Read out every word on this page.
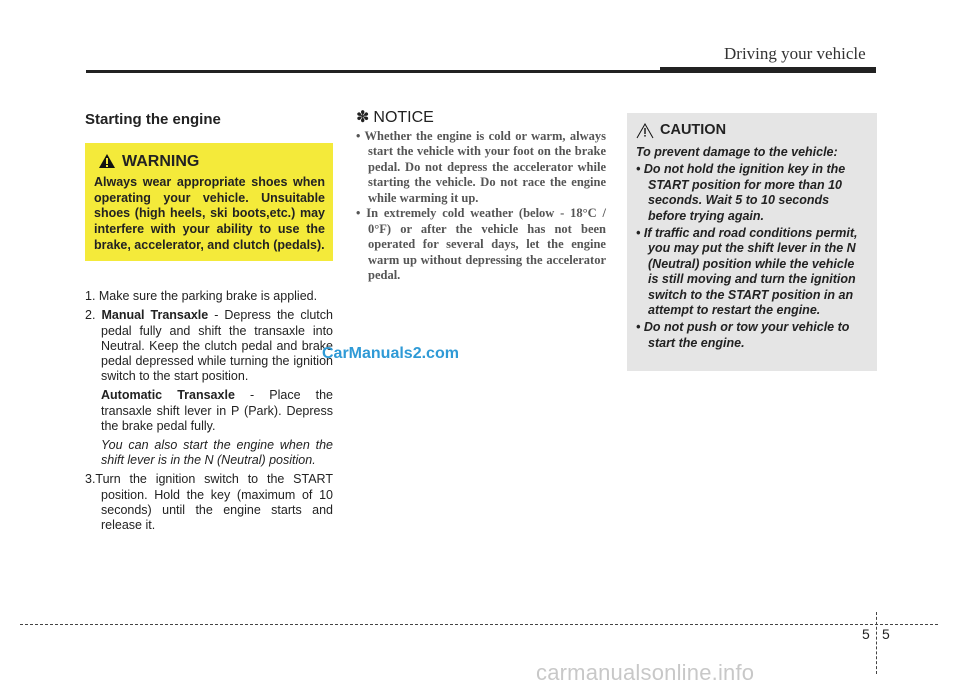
Driving your vehicle
Starting the engine
WARNING
Always wear appropriate shoes when operating your vehicle. Unsuitable shoes (high heels, ski boots,etc.) may interfere with your ability to use the brake, accelerator, and clutch (pedals).
1. Make sure the parking brake is applied.
2. Manual Transaxle - Depress the clutch pedal fully and shift the transaxle into Neutral. Keep the clutch pedal and brake pedal depressed while turning the ignition switch to the start position.
Automatic Transaxle - Place the transaxle shift lever in P (Park). Depress the brake pedal fully.
You can also start the engine when the shift lever is in the N (Neutral) position.
3.Turn the ignition switch to the START position. Hold the key (maximum of 10 seconds) until the engine starts and release it.
✽ NOTICE
• Whether the engine is cold or warm, always start the vehicle with your foot on the brake pedal. Do not depress the accelerator while starting the vehicle. Do not race the engine while warming it up.
• In extremely cold weather (below - 18°C / 0°F) or after the vehicle has not been operated for several days, let the engine warm up without depressing the accelerator pedal.
CAUTION
To prevent damage to the vehicle:
• Do not hold the ignition key in the START position for more than 10 seconds. Wait 5 to 10 seconds before trying again.
• If traffic and road conditions permit, you may put the shift lever in the N (Neutral) position while the vehicle is still moving and turn the ignition switch to the START position in an attempt to restart the engine.
• Do not push or tow your vehicle to start the engine.
CarManuals2.com
5 5
carmanualsonline.info
